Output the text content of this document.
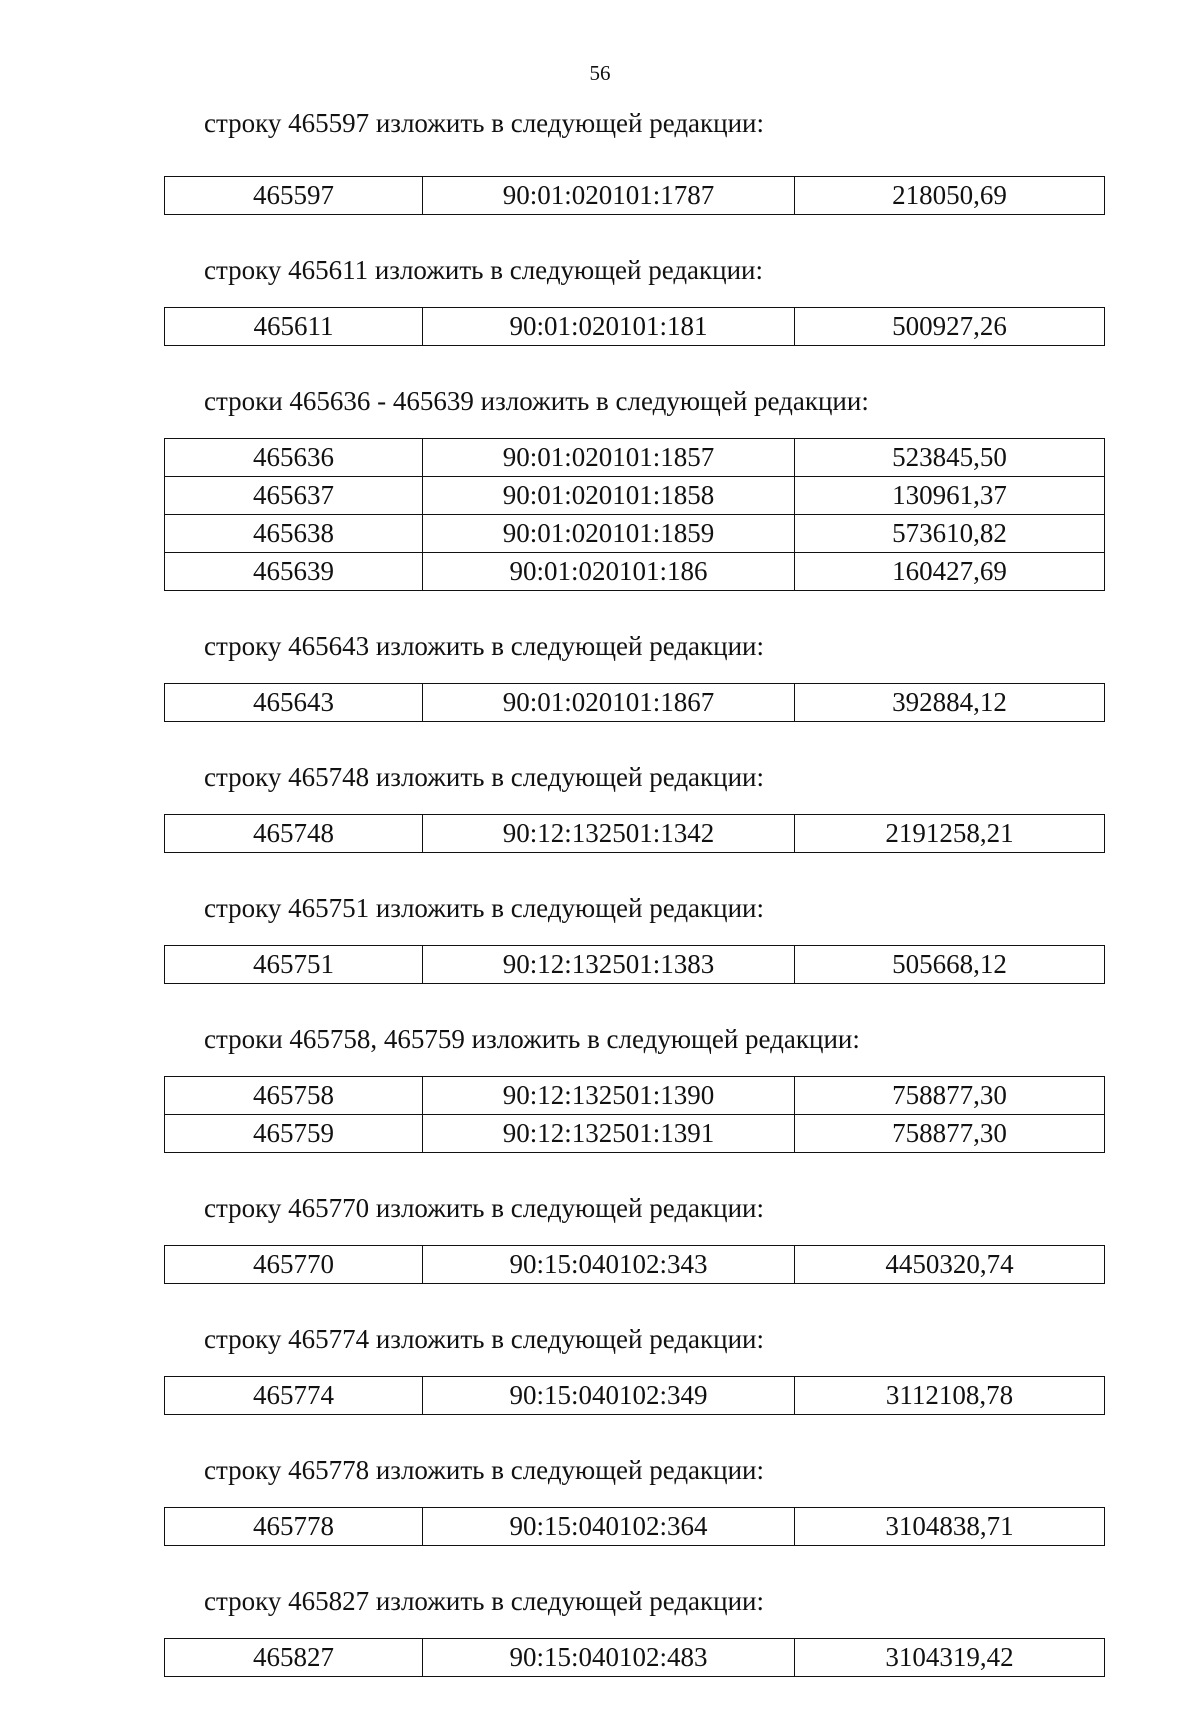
56

строку 465597 изложить в следующей редакции:

465597	90:01:020101:1787	218050,69

строку 465611 изложить в следующей редакции:

465611	90:01:020101:181	500927,26

строки 465636 - 465639 изложить в следующей редакции:

465636	90:01:020101:1857	523845,50
465637	90:01:020101:1858	130961,37
465638	90:01:020101:1859	573610,82
465639	90:01:020101:186	160427,69

строку 465643 изложить в следующей редакции:

465643	90:01:020101:1867	392884,12

строку 465748 изложить в следующей редакции:

465748	90:12:132501:1342	2191258,21

строку 465751 изложить в следующей редакции:

465751	90:12:132501:1383	505668,12

строки 465758, 465759 изложить в следующей редакции:

465758	90:12:132501:1390	758877,30
465759	90:12:132501:1391	758877,30

строку 465770 изложить в следующей редакции:

465770	90:15:040102:343	4450320,74

строку 465774 изложить в следующей редакции:

465774	90:15:040102:349	3112108,78

строку 465778 изложить в следующей редакции:

465778	90:15:040102:364	3104838,71

строку 465827 изложить в следующей редакции:

465827	90:15:040102:483	3104319,42
